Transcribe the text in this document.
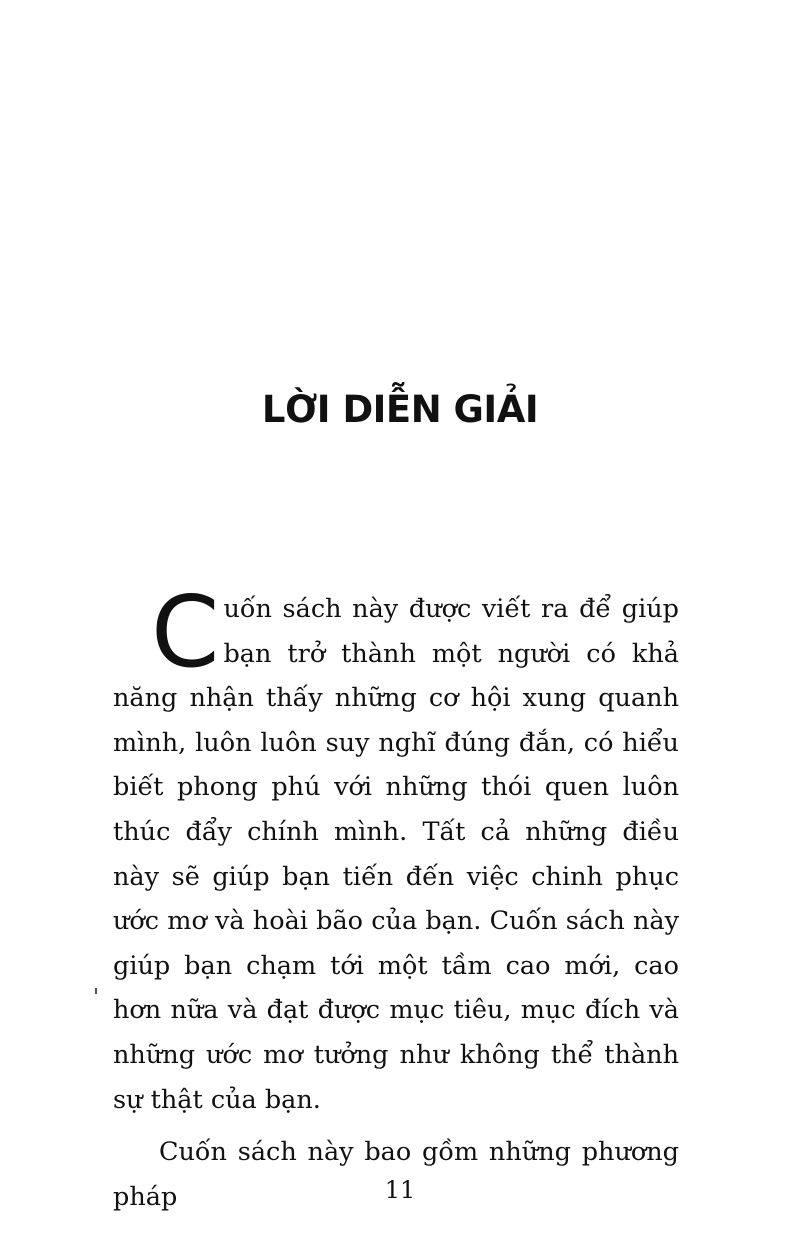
LỜI DIỄN GIẢI

Cuốn sách này được viết ra để giúp bạn trở thành một người có khả năng nhận thấy những cơ hội xung quanh mình, luôn luôn suy nghĩ đúng đắn, có hiểu biết phong phú với những thói quen luôn thúc đẩy chính mình. Tất cả những điều này sẽ giúp bạn tiến đến việc chinh phục ước mơ và hoài bão của bạn. Cuốn sách này giúp bạn chạm tới một tầm cao mới, cao hơn nữa và đạt được mục tiêu, mục đích và những ước mơ tưởng như không thể thành sự thật của bạn.

Cuốn sách này bao gồm những phương pháp	11
